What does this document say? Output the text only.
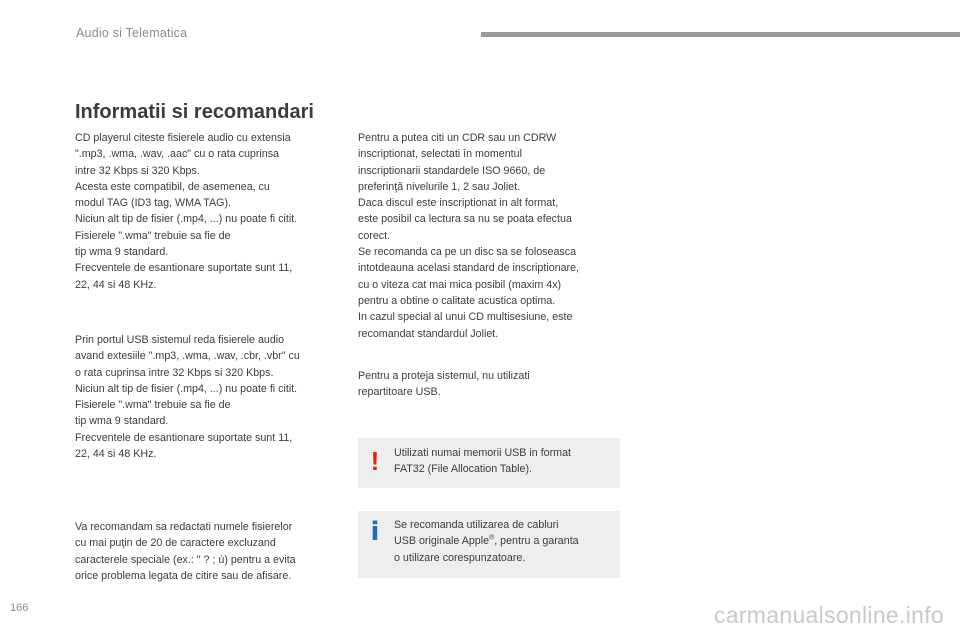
Audio si Telematica
Informatii si recomandari

CD playerul citeste fisierele audio cu extensia
".mp3, .wma, .wav, .aac" cu o rata cuprinsa
intre 32 Kbps si 320 Kbps.
Acesta este compatibil, de asemenea, cu
modul TAG (ID3 tag, WMA TAG).
Niciun alt tip de fisier (.mp4, ...) nu poate fi citit.
Fisierele ".wma" trebuie sa fie de
tip wma 9 standard.
Frecventele de esantionare suportate sunt 11,
22, 44 si 48 KHz.

Prin portul USB sistemul reda fisierele audio
avand extesiile ".mp3, .wma, .wav, .cbr, .vbr" cu
o rata cuprinsa intre 32 Kbps si 320 Kbps.
Niciun alt tip de fisier (.mp4, ...) nu poate fi citit.
Fisierele ".wma" trebuie sa fie de
tip wma 9 standard.
Frecventele de esantionare suportate sunt 11,
22, 44 si 48 KHz.

Va recomandam sa redactati numele fisierelor
cu mai puţin de 20 de caractere excluzand
caracterele speciale (ex.: " ? ; ù) pentru a evita
orice problema legata de citire sau de afisare.

Pentru a putea citi un CDR sau un CDRW
inscriptionat, selectati în momentul
inscriptionarii standardele ISO 9660, de
preferinţă nivelurile 1, 2 sau Joliet.
Daca discul este inscriptionat in alt format,
este posibil ca lectura sa nu se poata efectua
corect.
Se recomanda ca pe un disc sa se foloseasca
intotdeauna acelasi standard de inscriptionare,
cu o viteza cat mai mica posibil (maxim 4x)
pentru a obtine o calitate acustica optima.
In cazul special al unui CD multisesiune, este
recomandat standardul Joliet.

Pentru a proteja sistemul, nu utilizati
repartitoare USB.

! Utilizati numai memorii USB in format
FAT32 (File Allocation Table).
i Se recomanda utilizarea de cabluri
USB originale Apple®, pentru a garanta
o utilizare corespunzatoare.
166	carmanualsonline.info
